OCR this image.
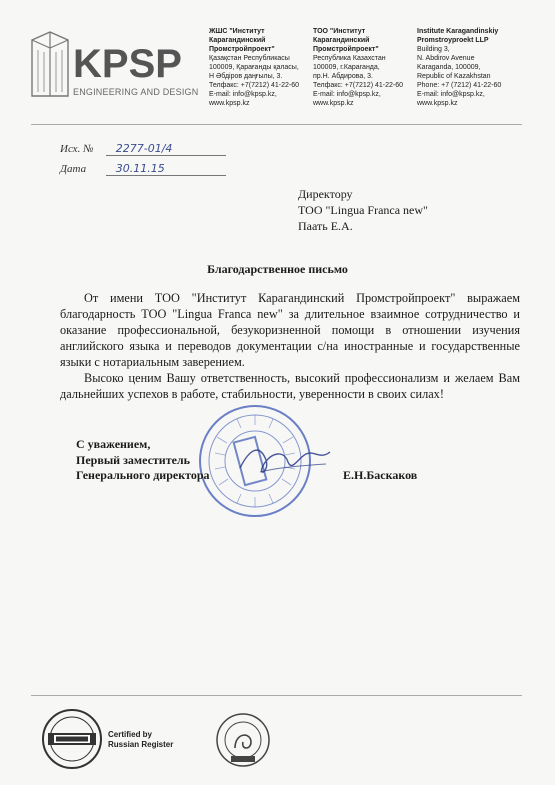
KPSP
ENGINEERING AND DESIGN
ЖШС "Институт
Карагандинский
Промстройпроект"
Қазақстан Республикасы
100009, Қарағанды қаласы,
Н Әбдіров даңғылы, 3.
Телфакс: +7(7212) 41-22-60
E-mail: info@kpsp.kz,
www.kpsp.kz
ТОО "Институт
Карагандинский
Промстройпроект"
Республика Казахстан
100009, г.Караганда,
пр.Н. Абдирова, 3.
Телфакс: +7(7212) 41-22-60
E-mail: info@kpsp.kz,
www.kpsp.kz
Institute Karagandinskiy
Promstroyproekt LLP
Building 3,
N. Abdirov Avenue
Karaganda, 100009,
Republic of Kazakhstan
Phone: +7 (7212) 41-22-60
E-mail: info@kpsp.kz,
www.kpsp.kz
Исх. № 2277-01/4
Дата	30.11.15
Директору
ТОО "Lingua Franca new"
Паать Е.А.
Благодарственное письмо

От имени ТОО "Институт Карагандинский Промстройпроект" выражаем благодарность ТОО "Lingua Franca new" за длительное взаимное сотрудничество и оказание профессиональной, безукоризненной помощи в отношении изучения английского языка и переводов документации с/на иностранные и государственные языки с нотариальным заверением.

Высоко ценим Вашу ответственность, высокий профессионализм и желаем Вам дальнейших успехов в работе, стабильности, уверенности в своих силах!

С уважением,
Первый заместитель
Генерального директора	Е.Н.Баскаков
Certified by
Russian Register
